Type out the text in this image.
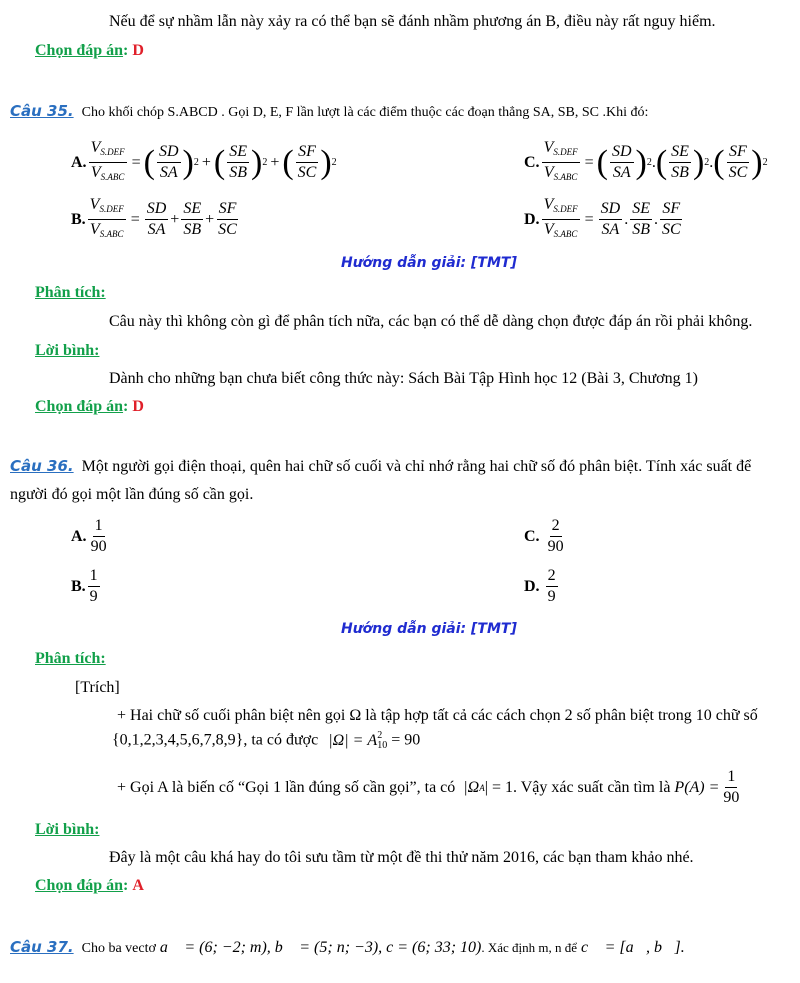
Nếu để sự nhầm lẫn này xảy ra có thể bạn sẽ đánh nhầm phương án B, điều này rất nguy hiểm.
Chọn đáp án: D
Câu 35. Cho khối chóp S.ABCD . Gọi D, E, F lần lượt là các điểm thuộc các đoạn thẳng SA, SB, SC .Khi đó:
A. $\frac{V_{S.DEF}}{V_{S.ABC}}$ = ( $\frac{SD}{SA}$ ) 2 + ( $\frac{SE}{SB}$ ) 2 + ( $\frac{SF}{SC}$ ) 2	C. $\frac{V_{S.DEF}}{V_{S.ABC}}$ = ( $\frac{SD}{SA}$ ) 2 . ( $\frac{SE}{SB}$ ) 2 . ( $\frac{SF}{SC}$ ) 2
B. $\frac{V_{S.DEF}}{V_{S.ABC}} = \frac{SD}{SA} + \frac{SE}{SB} + \frac{SF}{SC}$	D. $\frac{V_{S.DEF}}{V_{S.ABC}} = \frac{SD}{SA}$ . $\frac{SE}{SB}$ . $\frac{SF}{SC}$
Hướng dẫn giải: [TMT]
Phân tích:
Câu này thì không còn gì để phân tích nữa, các bạn có thể dễ dàng chọn được đáp án rồi phải không.
Lời bình:
Dành cho những bạn chưa biết công thức này: Sách Bài Tập Hình học 12 (Bài 3, Chương 1)
Chọn đáp án: D
Câu 36. Một người gọi điện thoại, quên hai chữ số cuối và chỉ nhớ rằng hai chữ số đó phân biệt. Tính xác suất để
người đó gọi một lần đúng số cần gọi.
A. $\frac{1}{90}$	C. $\frac{2}{90}$
B. $\frac{1}{9}$	D. $\frac{2}{9}$
Hướng dẫn giải: [TMT]
Phân tích:
[Trích]
+ Hai chữ số cuối phân biệt nên gọi Ω là tập hợp tất cả các cách chọn 2 số phân biệt trong 10 chữ số
{0,1,2,3,4,5,6,7,8,9}, ta có được |Ω| = A 2
10 = 90
+ Gọi A là biến cố “Gọi 1 lần đúng số cần gọi”, ta có |Ω A | = 1 . Vậy xác suất cần tìm là $P(A) = \frac{1}{90}$
Lời bình:
Đây là một câu khá hay do tôi sưu tầm từ một đề thi thử năm 2016, các bạn tham khảo nhé.
Chọn đáp án: A
Câu 37. Cho ba vectơ a⃗ = (6; −2; m), b⃗ = (5; n; −3), c = (6; 33; 10). Xác định m, n để c⃗ = [a⃗, b⃗].
